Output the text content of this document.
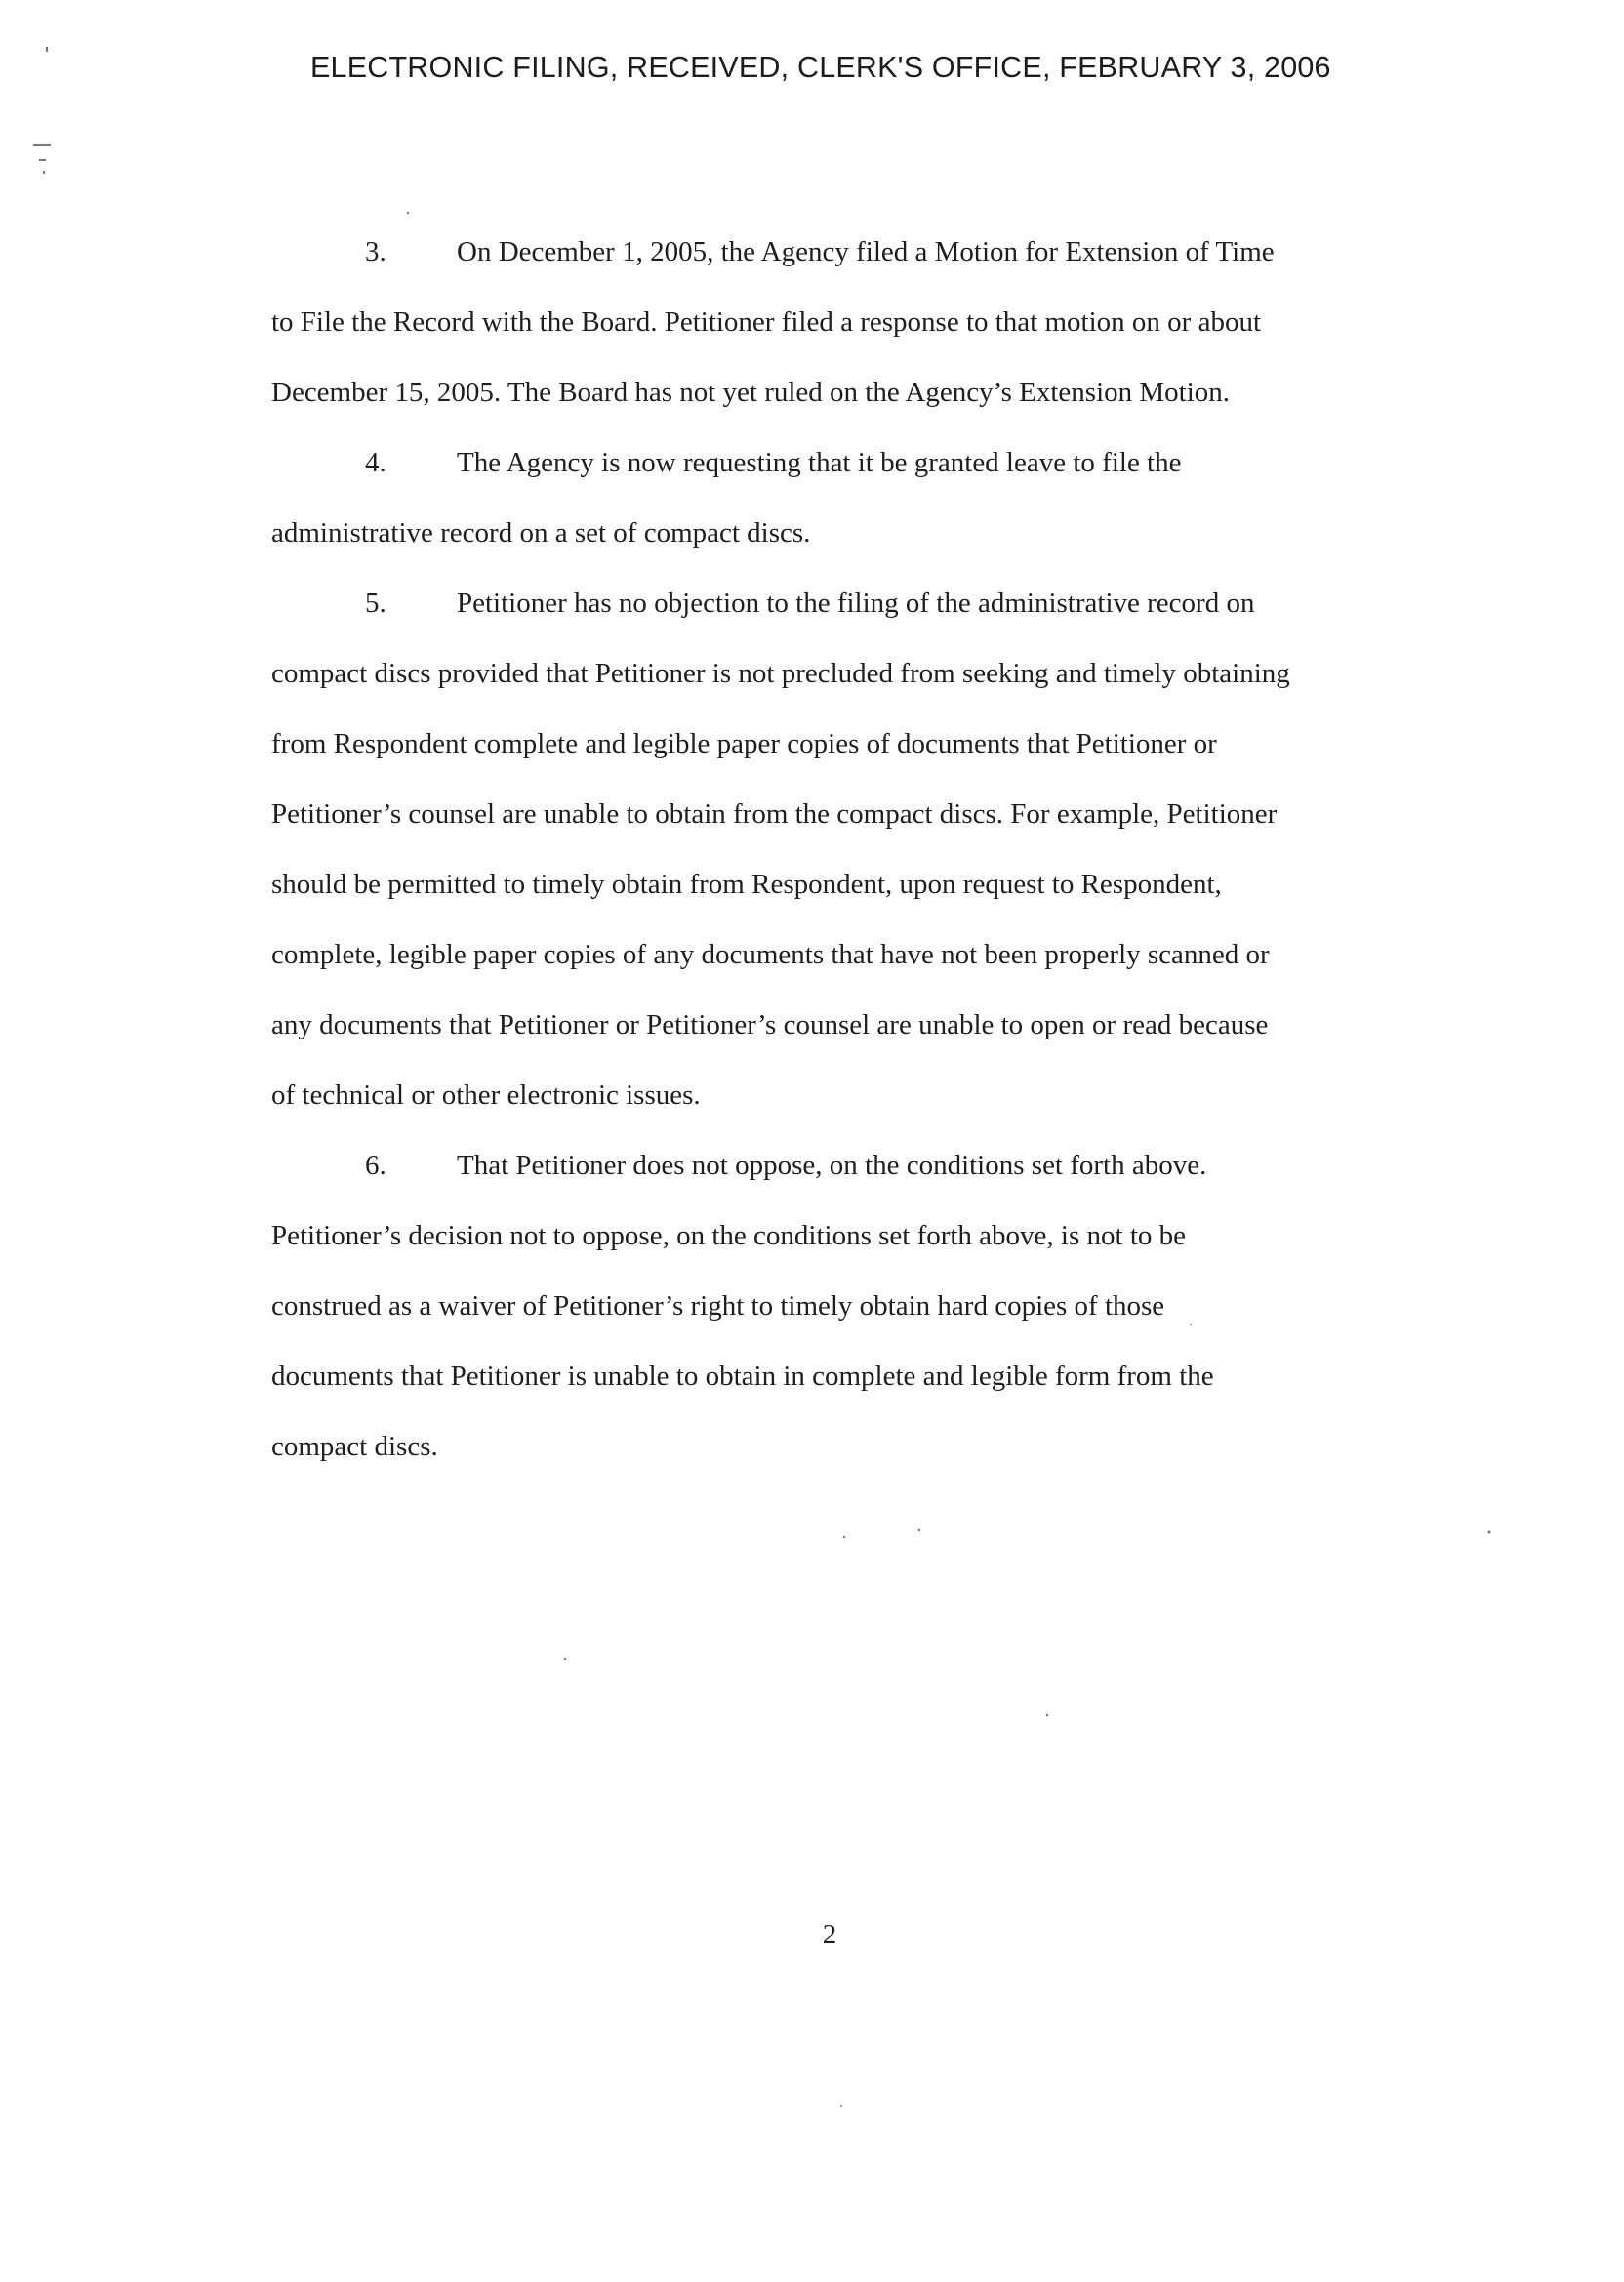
ELECTRONIC FILING, RECEIVED, CLERK'S OFFICE, FEBRUARY 3, 2006
3. On December 1, 2005, the Agency filed a Motion for Extension of Time
to File the Record with the Board. Petitioner filed a response to that motion on or about
December 15, 2005. The Board has not yet ruled on the Agency’s Extension Motion.
4. The Agency is now requesting that it be granted leave to file the
administrative record on a set of compact discs.
5. Petitioner has no objection to the filing of the administrative record on
compact discs provided that Petitioner is not precluded from seeking and timely obtaining
from Respondent complete and legible paper copies of documents that Petitioner or
Petitioner’s counsel are unable to obtain from the compact discs. For example, Petitioner
should be permitted to timely obtain from Respondent, upon request to Respondent,
complete, legible paper copies of any documents that have not been properly scanned or
any documents that Petitioner or Petitioner’s counsel are unable to open or read because
of technical or other electronic issues.
6. That Petitioner does not oppose, on the conditions set forth above.
Petitioner’s decision not to oppose, on the conditions set forth above, is not to be
construed as a waiver of Petitioner’s right to timely obtain hard copies of those
documents that Petitioner is unable to obtain in complete and legible form from the
compact discs.
2
